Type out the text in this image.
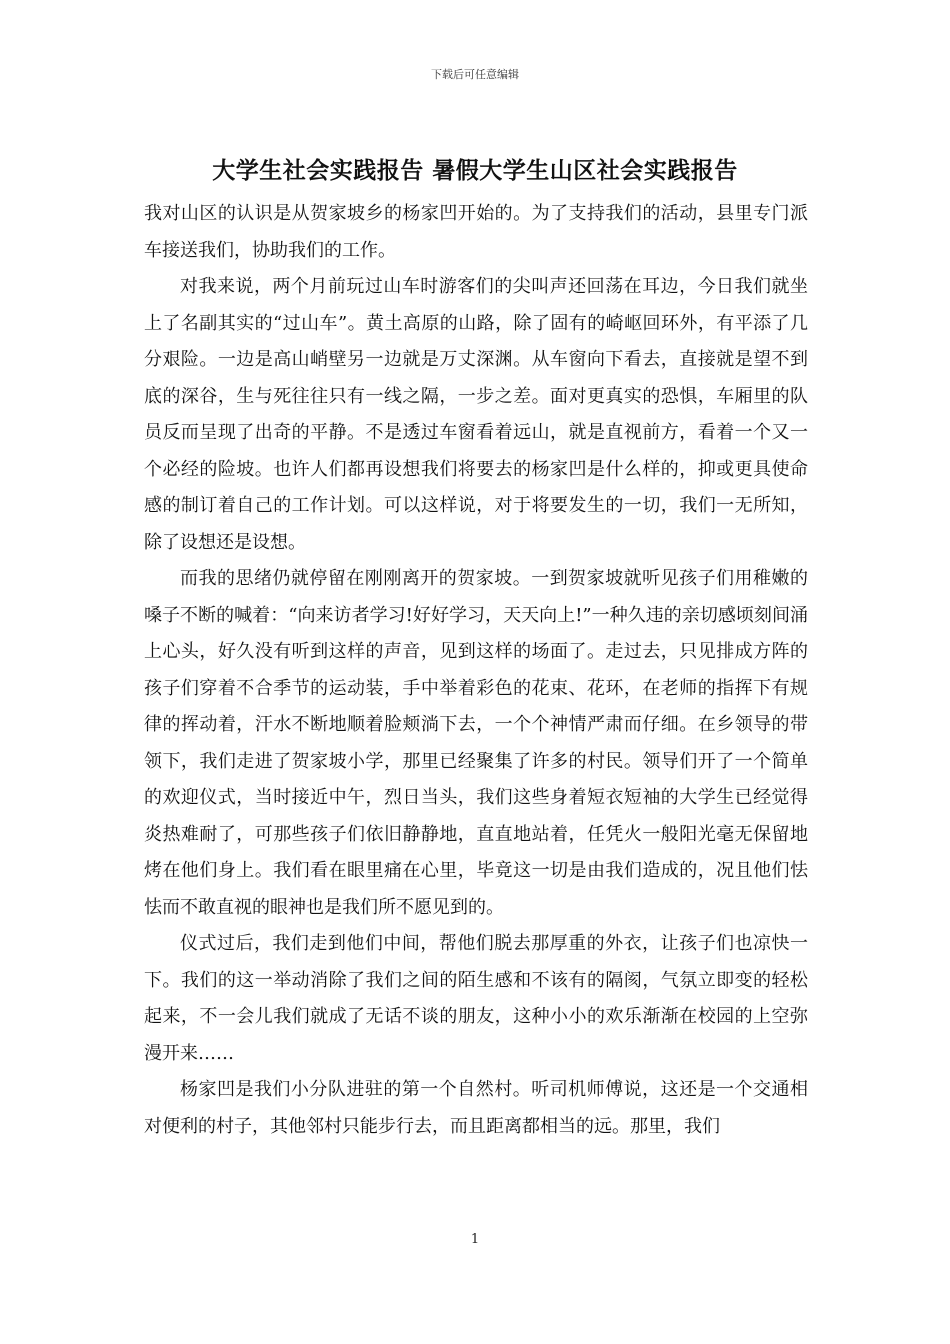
下载后可任意编辑
大学生社会实践报告 暑假大学生山区社会实践报告

我对山区的认识是从贺家坡乡的杨家凹开始的。为了支持我们的活动，县里专门派车接送我们，协助我们的工作。

对我来说，两个月前玩过山车时游客们的尖叫声还回荡在耳边，今日我们就坐上了名副其实的“过山车”。黄土高原的山路，除了固有的崎岖回环外，有平添了几分艰险。一边是高山峭壁另一边就是万丈深渊。从车窗向下看去，直接就是望不到底的深谷，生与死往往只有一线之隔，一步之差。面对更真实的恐惧，车厢里的队员反而呈现了出奇的平静。不是透过车窗看着远山，就是直视前方，看着一个又一个必经的险坡。也许人们都再设想我们将要去的杨家凹是什么样的，抑或更具使命感的制订着自己的工作计划。可以这样说，对于将要发生的一切，我们一无所知，除了设想还是设想。

而我的思绪仍就停留在刚刚离开的贺家坡。一到贺家坡就听见孩子们用稚嫩的嗓子不断的喊着：“向来访者学习!好好学习，天天向上!”一种久违的亲切感顷刻间涌上心头，好久没有听到这样的声音，见到这样的场面了。走过去，只见排成方阵的孩子们穿着不合季节的运动装，手中举着彩色的花束、花环，在老师的指挥下有规律的挥动着，汗水不断地顺着脸颊淌下去，一个个神情严肃而仔细。在乡领导的带领下，我们走进了贺家坡小学，那里已经聚集了许多的村民。领导们开了一个简单的欢迎仪式，当时接近中午，烈日当头，我们这些身着短衣短袖的大学生已经觉得炎热难耐了，可那些孩子们依旧静静地，直直地站着，任凭火一般阳光毫无保留地烤在他们身上。我们看在眼里痛在心里，毕竟这一切是由我们造成的，况且他们怯怯而不敢直视的眼神也是我们所不愿见到的。

仪式过后，我们走到他们中间，帮他们脱去那厚重的外衣，让孩子们也凉快一下。我们的这一举动消除了我们之间的陌生感和不该有的隔阂，气氛立即变的轻松起来，不一会儿我们就成了无话不谈的朋友，这种小小的欢乐渐渐在校园的上空弥漫开来……

杨家凹是我们小分队进驻的第一个自然村。听司机师傅说，这还是一个交通相对便利的村子，其他邻村只能步行去，而且距离都相当的远。那里，我们

1
